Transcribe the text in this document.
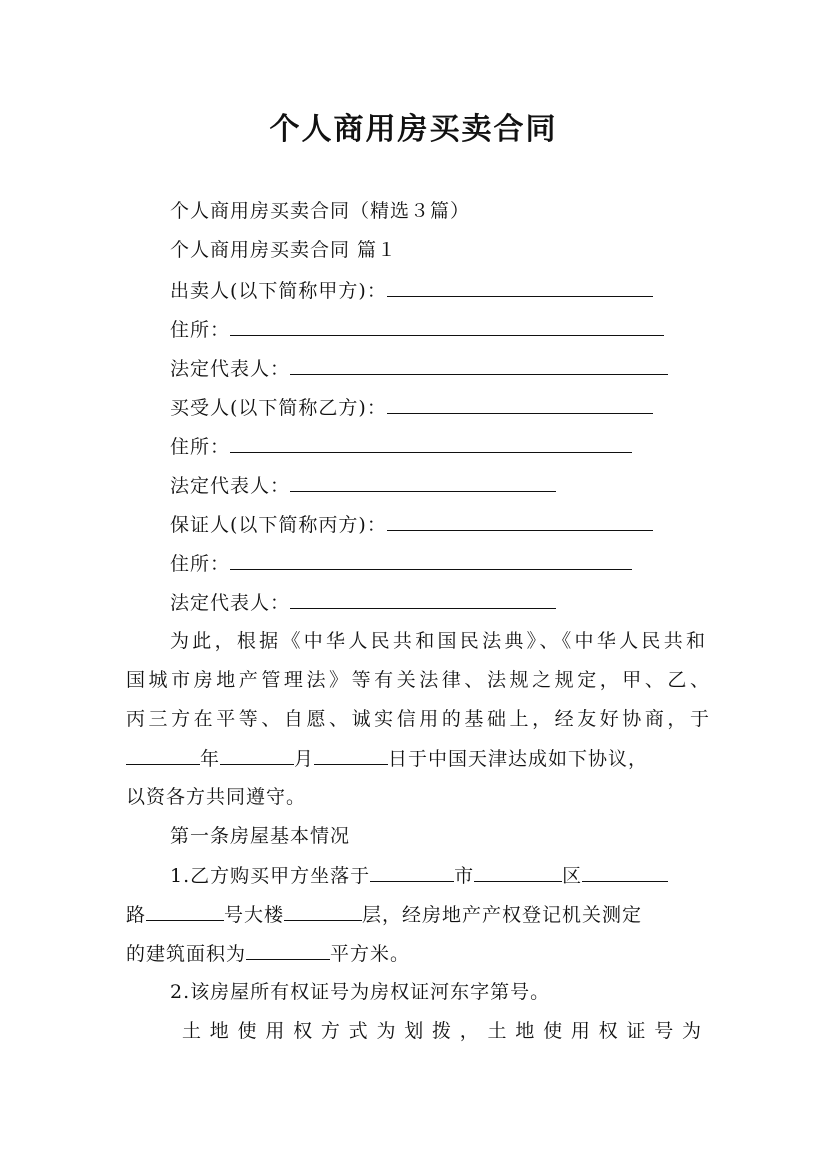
个人商用房买卖合同
个人商用房买卖合同（精选３篇）
个人商用房买卖合同 篇１
出卖人(以下简称甲方)：
住所：
法定代表人：
买受人(以下简称乙方)：
住所：
法定代表人：
保证人(以下简称丙方)：
住所：
法定代表人：
为此，根据《中华人民共和国民法典》、《中华人民共和
国城市房地产管理法》等有关法律、法规之规定，甲、乙、
丙三方在平等、自愿、诚实信用的基础上，经友好协商，于
年	月	日于中国天津达成如下协议，
以资各方共同遵守。
第一条房屋基本情况
1.乙方购买甲方坐落于	市	区
路	号大楼	层，经房地产产权登记机关测定
的建筑面积为	平方米。
2.该房屋所有权证号为房权证河东字第号。
土地使用权方式为划拨，土地使用权证号为
